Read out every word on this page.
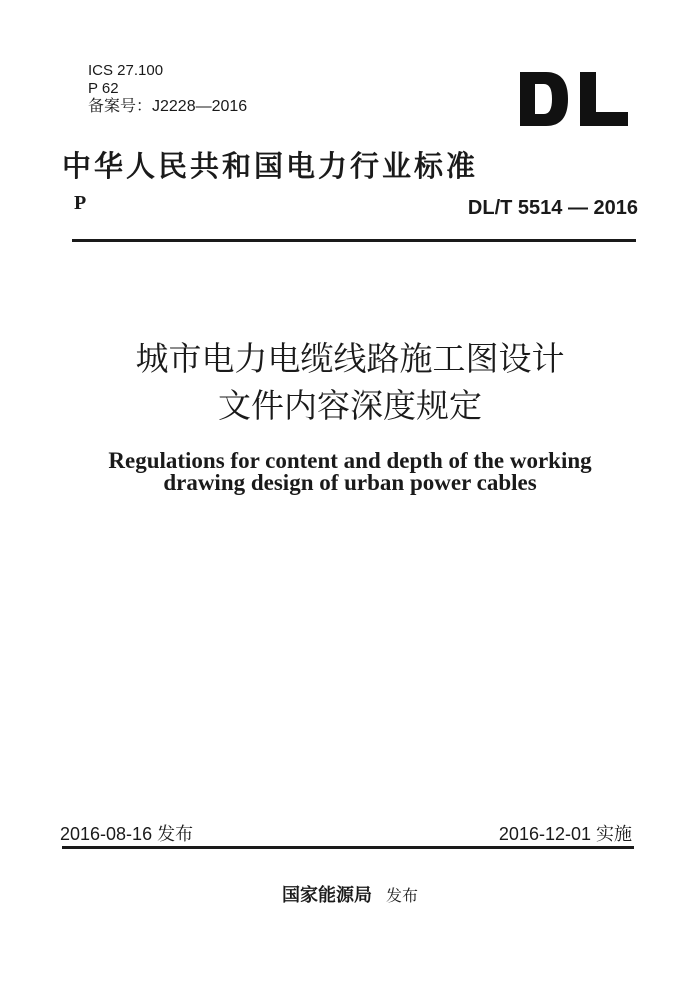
ICS 27.100
P 62
备案号：J2228—2016
中华人民共和国电力行业标准
P	DL/T 5514 — 2016
城市电力电缆线路施工图设计
文件内容深度规定
Regulations for content and depth of the working
drawing design of urban power cables
2016-08-16 发布	2016-12-01 实施
国家能源局 发布
